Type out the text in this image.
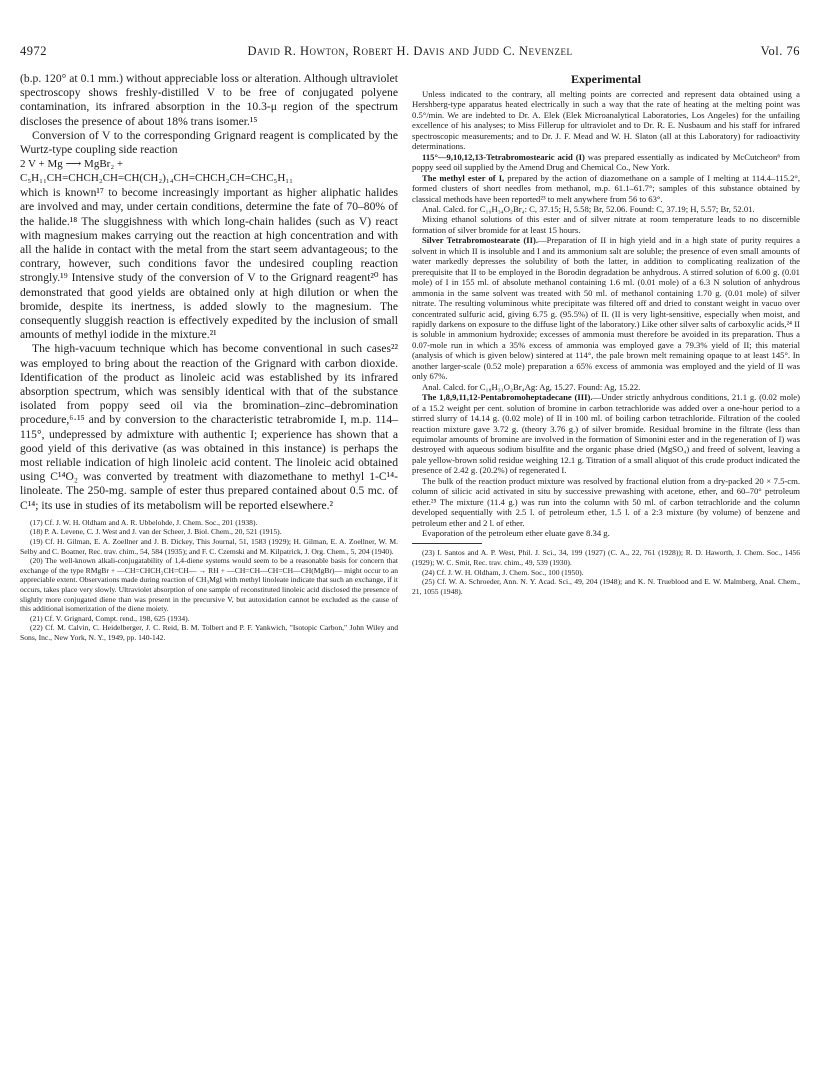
4972	David R. Howton, Robert H. Davis and Judd C. Nevenzel	Vol. 76

(b.p. 120° at 0.1 mm.) without appreciable loss or alteration. Although ultraviolet spectroscopy shows freshly-distilled V to be free of conjugated polyene contamination, its infrared absorption in the 10.3-μ region of the spectrum discloses the presence of about 18% trans isomer.¹⁵

Conversion of V to the corresponding Grignard reagent is complicated by the Wurtz-type coupling side reaction

2 V + Mg ⟶ MgBr₂ +
C₅H₁₁CH=CHCH₂CH=CH(CH₂)₁₄CH=CHCH₂CH=CHC₅H₁₁

which is known¹⁷ to become increasingly important as higher aliphatic halides are involved and may, under certain conditions, determine the fate of 70–80% of the halide.¹⁸ The sluggishness with which long-chain halides (such as V) react with magnesium makes carrying out the reaction at high concentration and with all the halide in contact with the metal from the start seem advantageous; to the contrary, however, such conditions favor the undesired coupling reaction strongly.¹⁹ Intensive study of the conversion of V to the Grignard reagent²⁰ has demonstrated that good yields are obtained only at high dilution or when the bromide, despite its inertness, is added slowly to the magnesium. The consequently sluggish reaction is effectively expedited by the inclusion of small amounts of methyl iodide in the mixture.²¹

The high-vacuum technique which has become conventional in such cases²² was employed to bring about the reaction of the Grignard with carbon dioxide. Identification of the product as linoleic acid was established by its infrared absorption spectrum, which was sensibly identical with that of the substance isolated from poppy seed oil via the bromination–zinc–debromination procedure,⁶·¹⁵ and by conversion to the characteristic tetrabromide I, m.p. 114–115°, undepressed by admixture with authentic I; experience has shown that a good yield of this derivative (as was obtained in this instance) is perhaps the most reliable indication of high linoleic acid content. The linoleic acid obtained using C¹⁴O₂ was converted by treatment with diazomethane to methyl 1-C¹⁴-linoleate. The 250-mg. sample of ester thus prepared contained about 0.5 mc. of C¹⁴; its use in studies of its metabolism will be reported elsewhere.²

(17) Cf. J. W. H. Oldham and A. R. Ubbelohde, J. Chem. Soc., 201 (1938).

(18) P. A. Levene, C. J. West and J. van der Scheer, J. Biol. Chem., 20, 521 (1915).

(19) Cf. H. Gilman, E. A. Zoellner and J. B. Dickey, This Journal, 51, 1583 (1929); H. Gilman, E. A. Zoellner, W. M. Selby and C. Boatner, Rec. trav. chim., 54, 584 (1935); and F. C. Czemski and M. Kilpatrick, J. Org. Chem., 5, 204 (1940).

(20) The well-known alkali-conjugatability of 1,4-diene systems would seem to be a reasonable basis for concern that exchange of the type RMgBr + —CH=CHCH₂CH=CH— → RH + —CH=CH—CH=CH—CH(MgBr)— might occur to an appreciable extent. Observations made during reaction of CH₃MgI with methyl linoleate indicate that such an exchange, if it occurs, takes place very slowly. Ultraviolet absorption of one sample of reconstituted linoleic acid disclosed the presence of slightly more conjugated diene than was present in the precursive V, but autoxidation cannot be excluded as the cause of this additional isomerization of the diene moiety.

(21) Cf. V. Grignard, Compt. rend., 198, 625 (1934).

(22) Cf. M. Calvin, C. Heidelberger, J. C. Reid, B. M. Tolbert and P. F. Yankwich, "Isotopic Carbon," John Wiley and Sons, Inc., New York, N. Y., 1949, pp. 140-142.

Experimental

Unless indicated to the contrary, all melting points are corrected and represent data obtained using a Hershberg-type apparatus heated electrically in such a way that the rate of heating at the melting point was 0.5°/min. We are indebted to Dr. A. Elek (Elek Microanalytical Laboratories, Los Angeles) for the unfailing excellence of his analyses; to Miss Fillerup for ultraviolet and to Dr. R. E. Nusbaum and his staff for infrared spectroscopic measurements; and to Dr. J. F. Mead and W. H. Slaton (all at this Laboratory) for radioactivity determinations.

115°—9,10,12,13-Tetrabromostearic acid (I) was prepared essentially as indicated by McCutcheon⁶ from poppy seed oil supplied by the Amend Drug and Chemical Co., New York.

The methyl ester of I, prepared by the action of diazomethane on a sample of I melting at 114.4–115.2°, formed clusters of short needles from methanol, m.p. 61.1–61.7°; samples of this substance obtained by classical methods have been reported²³ to melt anywhere from 56 to 63°.

Anal. Calcd. for C₁₉H₃₄O₂Br₄: C, 37.15; H, 5.58; Br, 52.06. Found: C, 37.19; H, 5.57; Br, 52.01.

Mixing ethanol solutions of this ester and of silver nitrate at room temperature leads to no discernible formation of silver bromide for at least 15 hours.

Silver Tetrabromostearate (II).—Preparation of II in high yield and in a high state of purity requires a solvent in which II is insoluble and I and its ammonium salt are soluble; the presence of even small amounts of water markedly depresses the solubility of both the latter, in addition to complicating realization of the prerequisite that II to be employed in the Borodin degradation be anhydrous. A stirred solution of 6.00 g. (0.01 mole) of I in 155 ml. of absolute methanol containing 1.6 ml. (0.01 mole) of a 6.3 N solution of anhydrous ammonia in the same solvent was treated with 50 ml. of methanol containing 1.70 g. (0.01 mole) of silver nitrate. The resulting voluminous white precipitate was filtered off and dried to constant weight in vacuo over concentrated sulfuric acid, giving 6.75 g. (95.5%) of II. (II is very light-sensitive, especially when moist, and rapidly darkens on exposure to the diffuse light of the laboratory.) Like other silver salts of carboxylic acids,²⁴ II is soluble in ammonium hydroxide; excesses of ammonia must therefore be avoided in its preparation. Thus a 0.07-mole run in which a 35% excess of ammonia was employed gave a 79.3% yield of II; this material (analysis of which is given below) sintered at 114°, the pale brown melt remaining opaque to at least 145°. In another larger-scale (0.52 mole) preparation a 65% excess of ammonia was employed and the yield of II was only 67%.

Anal. Calcd. for C₁₈H₃₁O₂Br₄Ag: Ag, 15.27. Found: Ag, 15.22.

The 1,8,9,11,12-Pentabromoheptadecane (III).—Under strictly anhydrous conditions, 21.1 g. (0.02 mole) of a 15.2 weight per cent. solution of bromine in carbon tetrachloride was added over a one-hour period to a stirred slurry of 14.14 g. (0.02 mole) of II in 100 ml. of boiling carbon tetrachloride. Filtration of the cooled reaction mixture gave 3.72 g. (theory 3.76 g.) of silver bromide. Residual bromine in the filtrate (less than equimolar amounts of bromine are involved in the formation of Simonini ester and in the regeneration of I) was destroyed with aqueous sodium bisulfite and the organic phase dried (MgSO₄) and freed of solvent, leaving a pale yellow-brown solid residue weighing 12.1 g. Titration of a small aliquot of this crude product indicated the presence of 2.42 g. (20.2%) of regenerated I.

The bulk of the reaction product mixture was resolved by fractional elution from a dry-packed 20 × 7.5-cm. column of silicic acid activated in situ by successive prewashing with acetone, ether, and 60–70° petroleum ether.²⁵ The mixture (11.4 g.) was run into the column with 50 ml. of carbon tetrachloride and the column developed sequentially with 2.5 l. of petroleum ether, 1.5 l. of a 2:3 mixture (by volume) of benzene and petroleum ether and 2 l. of ether.

Evaporation of the petroleum ether eluate gave 8.34 g.

(23) I. Santos and A. P. West, Phil. J. Sci., 34, 199 (1927) (C. A., 22, 761 (1928)); R. D. Haworth, J. Chem. Soc., 1456 (1929); W. C. Smit, Rec. trav. chim., 49, 539 (1930).

(24) Cf. J. W. H. Oldham, J. Chem. Soc., 100 (1950).

(25) Cf. W. A. Schroeder, Ann. N. Y. Acad. Sci., 49, 204 (1948); and K. N. Trueblood and E. W. Malmberg, Anal. Chem., 21, 1055 (1948).
